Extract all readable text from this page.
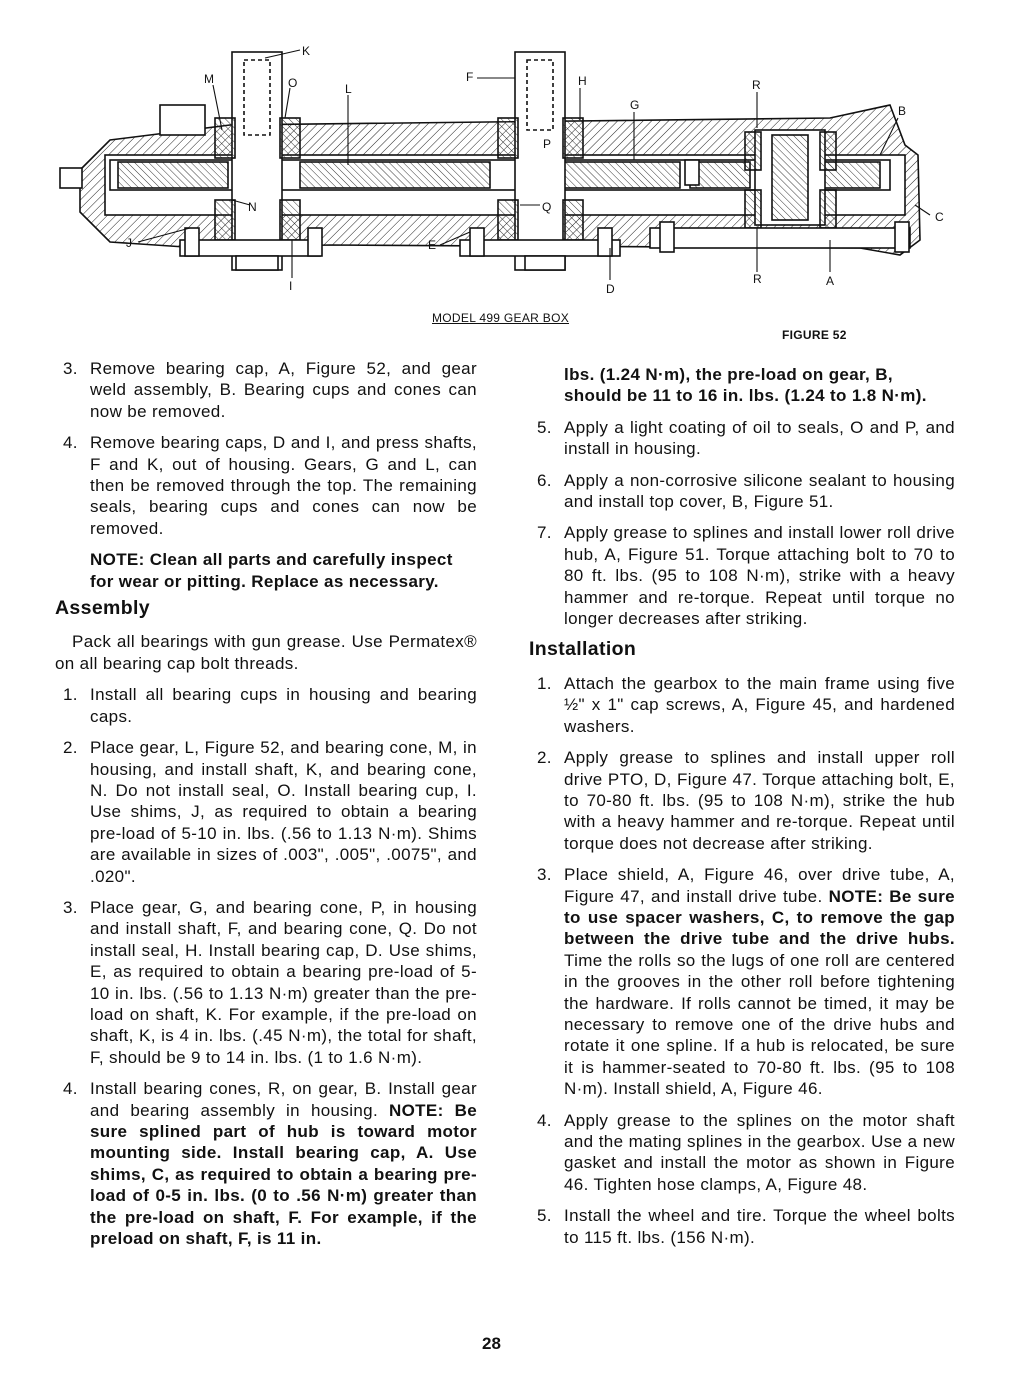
K
M	O	L
F	H
P
G
R
B
C
N	Q
J	E
I	D
R	A
MODEL 499 GEAR BOX
FIGURE 52
3. Remove bearing cap, A, Figure 52, and gear weld assembly, B. Bearing cups and cones can now be removed.
4. Remove bearing caps, D and I, and press shafts, F and K, out of housing. Gears, G and L, can then be removed through the top. The remaining seals, bearing cups and cones can now be removed.
NOTE: Clean all parts and carefully inspect for wear or pitting. Replace as necessary.
Assembly
Pack all bearings with gun grease. Use Permatex® on all bearing cap bolt threads.
1. Install all bearing cups in housing and bearing caps.
2. Place gear, L, Figure 52, and bearing cone, M, in housing, and install shaft, K, and bearing cone, N. Do not install seal, O. Install bearing cup, I. Use shims, J, as required to obtain a bearing pre-load of 5-10 in. lbs. (.56 to 1.13 N·m). Shims are available in sizes of .003", .005", .0075", and .020".
3. Place gear, G, and bearing cone, P, in housing and install shaft, F, and bearing cone, Q. Do not install seal, H. Install bearing cap, D. Use shims, E, as required to obtain a bearing pre-load of 5-10 in. lbs. (.56 to 1.13 N·m) greater than the pre-load on shaft, K. For example, if the pre-load on shaft, K, is 4 in. lbs. (.45 N·m), the total for shaft, F, should be 9 to 14 in. lbs. (1 to 1.6 N·m).
4. Install bearing cones, R, on gear, B. Install gear and bearing assembly in housing. NOTE: Be sure splined part of hub is toward motor mounting side. Install bearing cap, A. Use shims, C, as required to obtain a bearing pre-load of 0-5 in. lbs. (0 to .56 N·m) greater than the pre-load on shaft, F. For example, if the preload on shaft, F, is 11 in.
lbs. (1.24 N·m), the pre-load on gear, B, should be 11 to 16 in. lbs. (1.24 to 1.8 N·m).
5. Apply a light coating of oil to seals, O and P, and install in housing.
6. Apply a non-corrosive silicone sealant to housing and install top cover, B, Figure 51.
7. Apply grease to splines and install lower roll drive hub, A, Figure 51. Torque attaching bolt to 70 to 80 ft. lbs. (95 to 108 N·m), strike with a heavy hammer and re-torque. Repeat until torque no longer decreases after striking.
Installation
1. Attach the gearbox to the main frame using five ½" x 1" cap screws, A, Figure 45, and hardened washers.
2. Apply grease to splines and install upper roll drive PTO, D, Figure 47. Torque attaching bolt, E, to 70-80 ft. lbs. (95 to 108 N·m), strike the hub with a heavy hammer and re-torque. Repeat until torque does not decrease after striking.
3. Place shield, A, Figure 46, over drive tube, A, Figure 47, and install drive tube. NOTE: Be sure to use spacer washers, C, to remove the gap between the drive tube and the drive hubs. Time the rolls so the lugs of one roll are centered in the grooves in the other roll before tightening the hardware. If rolls cannot be timed, it may be necessary to remove one of the drive hubs and rotate it one spline. If a hub is relocated, be sure it is hammer-seated to 70-80 ft. lbs. (95 to 108 N·m). Install shield, A, Figure 46.
4. Apply grease to the splines on the motor shaft and the mating splines in the gearbox. Use a new gasket and install the motor as shown in Figure 46. Tighten hose clamps, A, Figure 48.
5. Install the wheel and tire. Torque the wheel bolts to 115 ft. lbs. (156 N·m).
28
